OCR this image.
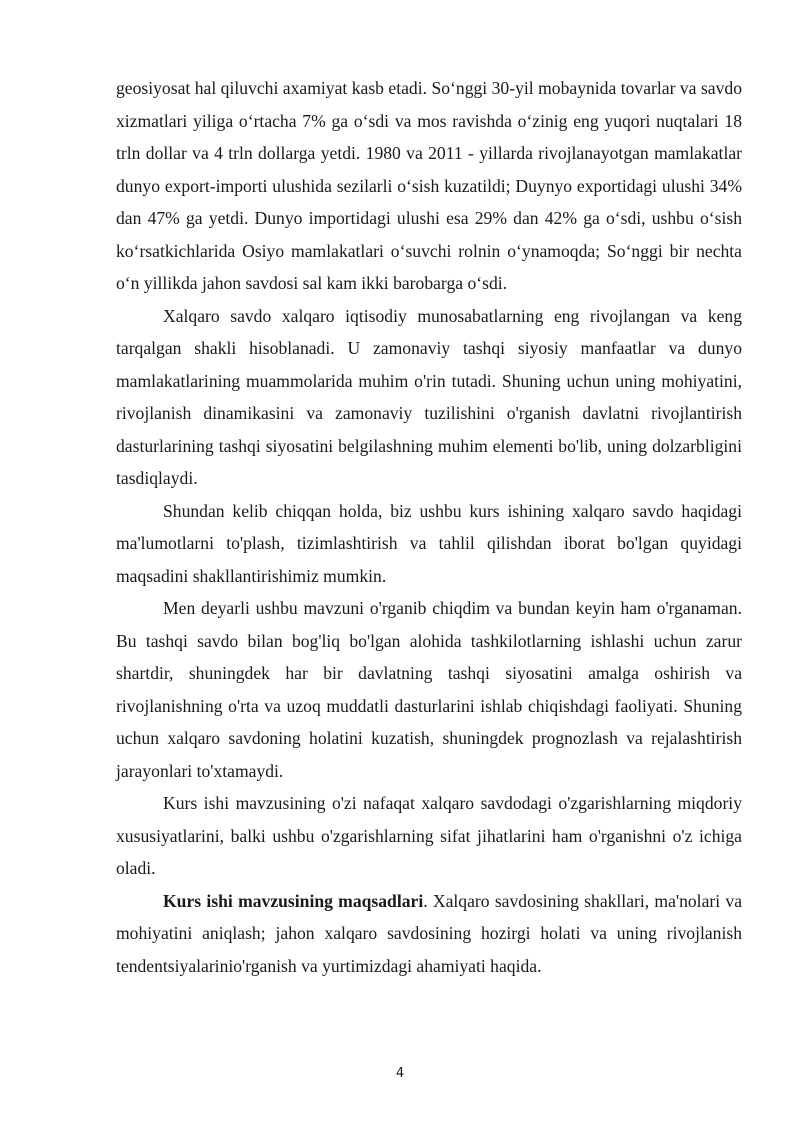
geosiyosat hal qiluvchi axamiyat kasb etadi. So‘nggi 30-yil mobaynida tovarlar va savdo xizmatlari yiliga o‘rtacha 7% ga o‘sdi va mos ravishda o‘zinig eng yuqori nuqtalari 18 trln dollar va 4 trln dollarga yetdi. 1980 va 2011 - yillarda rivojlanayotgan mamlakatlar dunyo export-importi ulushida sezilarli o‘sish kuzatildi; Duynyo exportidagi ulushi 34% dan 47% ga yetdi. Dunyo importidagi ulushi esa 29% dan 42% ga o‘sdi, ushbu o‘sish ko‘rsatkichlarida Osiyo mamlakatlari o‘suvchi rolnin o‘ynamoqda; So‘nggi bir nechta o‘n yillikda jahon savdosi sal kam ikki barobarga o‘sdi.

Xalqaro savdo xalqaro iqtisodiy munosabatlarning eng rivojlangan va keng tarqalgan shakli hisoblanadi. U zamonaviy tashqi siyosiy manfaatlar va dunyo mamlakatlarining muammolarida muhim o'rin tutadi. Shuning uchun uning mohiyatini, rivojlanish dinamikasini va zamonaviy tuzilishini o'rganish davlatni rivojlantirish dasturlarining tashqi siyosatini belgilashning muhim elementi bo'lib, uning dolzarbligini tasdiqlaydi.

Shundan kelib chiqqan holda, biz ushbu kurs ishining xalqaro savdo haqidagi ma'lumotlarni to'plash, tizimlashtirish va tahlil qilishdan iborat bo'lgan quyidagi maqsadini shakllantirishimiz mumkin.

Men deyarli ushbu mavzuni o'rganib chiqdim va bundan keyin ham o'rganaman. Bu tashqi savdo bilan bog'liq bo'lgan alohida tashkilotlarning ishlashi uchun zarur shartdir, shuningdek har bir davlatning tashqi siyosatini amalga oshirish va rivojlanishning o'rta va uzoq muddatli dasturlarini ishlab chiqishdagi faoliyati. Shuning uchun xalqaro savdoning holatini kuzatish, shuningdek prognozlash va rejalashtirish jarayonlari to'xtamaydi.

Kurs ishi mavzusining o'zi nafaqat xalqaro savdodagi o'zgarishlarning miqdoriy xususiyatlarini, balki ushbu o'zgarishlarning sifat jihatlarini ham o'rganishni o'z ichiga oladi.

Kurs ishi mavzusining maqsadlari. Xalqaro savdosining shakllari, ma'nolari va mohiyatini aniqlash; jahon xalqaro savdosining hozirgi holati va uning rivojlanish tendentsiyalarinio'rganish va yurtimizdagi ahamiyati haqida.

4
